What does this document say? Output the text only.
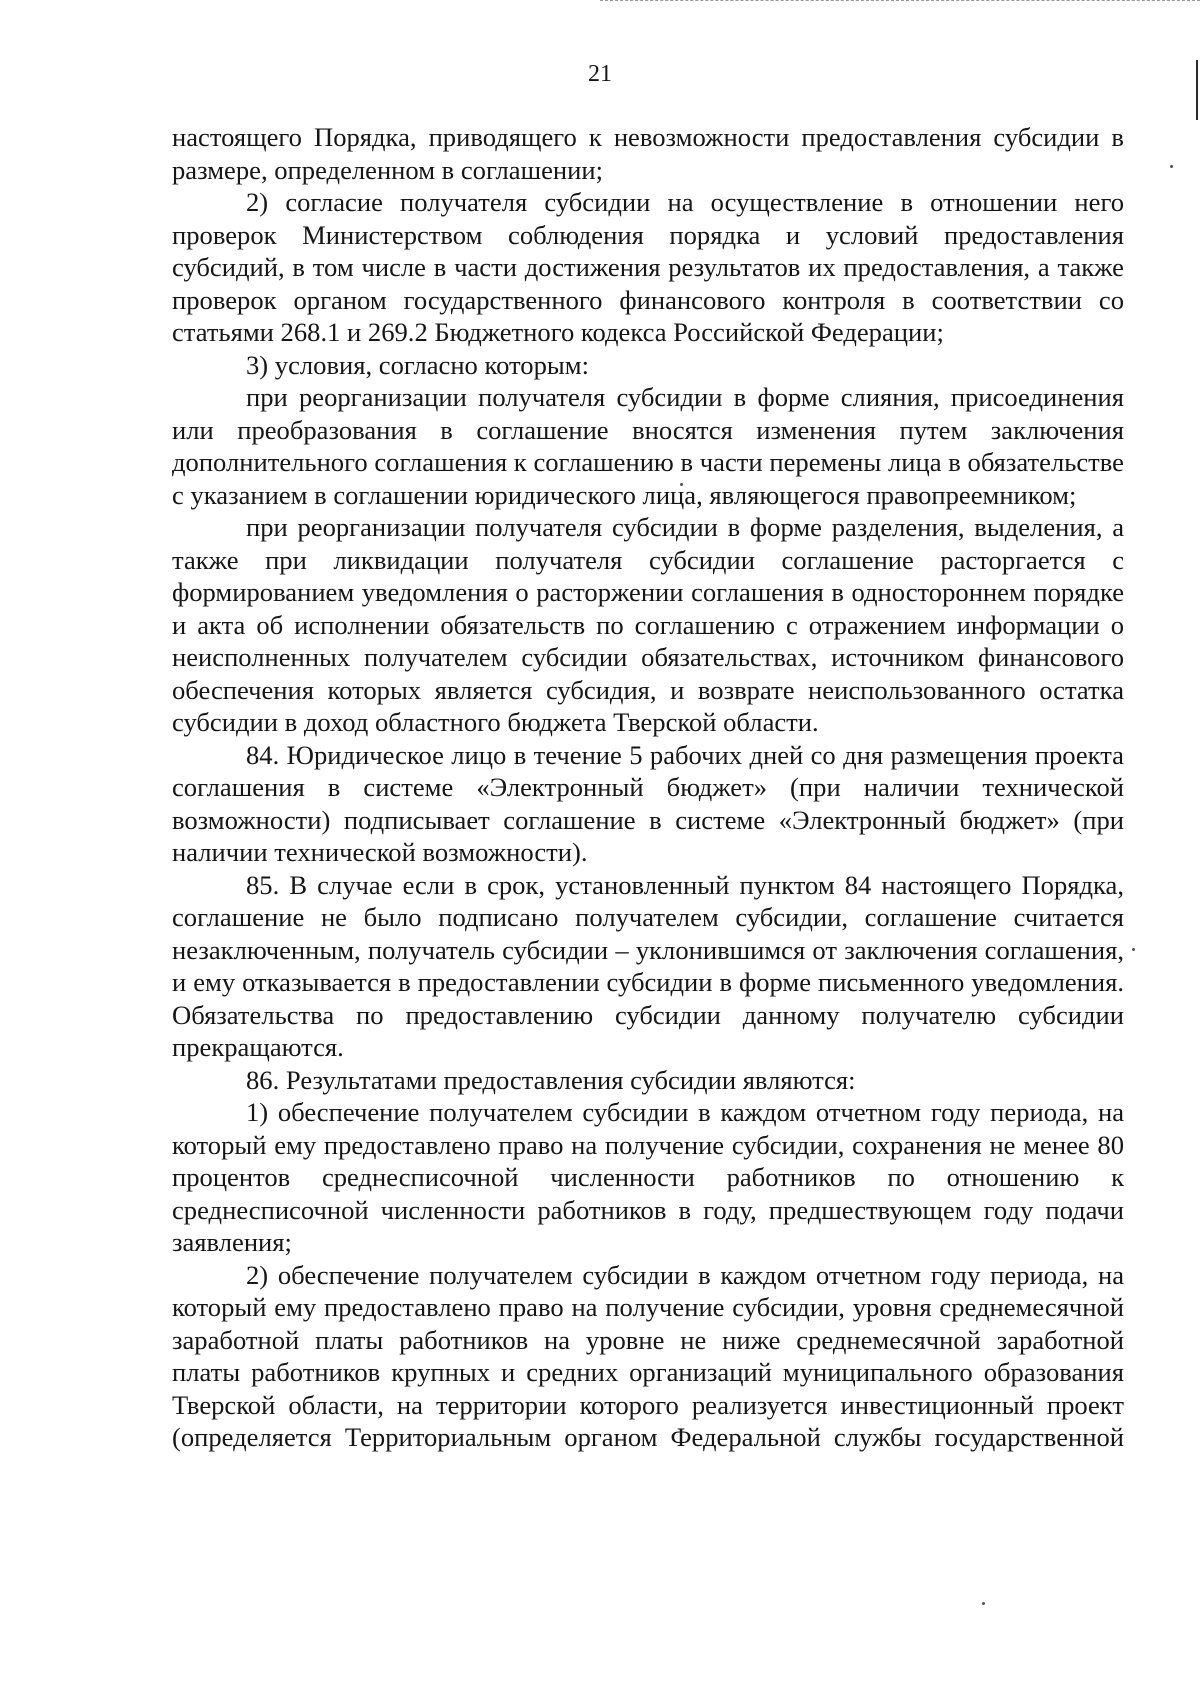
21

настоящего Порядка, приводящего к невозможности предоставления субсидии в размере, определенном в соглашении;

2) согласие получателя субсидии на осуществление в отношении него проверок Министерством соблюдения порядка и условий предоставления субсидий, в том числе в части достижения результатов их предоставления, а также проверок органом государственного финансового контроля в соответствии со статьями 268.1 и 269.2 Бюджетного кодекса Российской Федерации;

3) условия, согласно которым:

при реорганизации получателя субсидии в форме слияния, присоединения или преобразования в соглашение вносятся изменения путем заключения дополнительного соглашения к соглашению в части перемены лица в обязательстве с указанием в соглашении юридического лица, являющегося правопреемником;

при реорганизации получателя субсидии в форме разделения, выделения, а также при ликвидации получателя субсидии соглашение расторгается с формированием уведомления о расторжении соглашения в одностороннем порядке и акта об исполнении обязательств по соглашению с отражением информации о неисполненных получателем субсидии обязательствах, источником финансового обеспечения которых является субсидия, и возврате неиспользованного остатка субсидии в доход областного бюджета Тверской области.

84. Юридическое лицо в течение 5 рабочих дней со дня размещения проекта соглашения в системе «Электронный бюджет» (при наличии технической возможности) подписывает соглашение в системе «Электронный бюджет» (при наличии технической возможности).

85. В случае если в срок, установленный пунктом 84 настоящего Порядка, соглашение не было подписано получателем субсидии, соглашение считается незаключенным, получатель субсидии – уклонившимся от заключения соглашения, и ему отказывается в предоставлении субсидии в форме письменного уведомления. Обязательства по предоставлению субсидии данному получателю субсидии прекращаются.

86. Результатами предоставления субсидии являются:

1) обеспечение получателем субсидии в каждом отчетном году периода, на который ему предоставлено право на получение субсидии, сохранения не менее 80 процентов среднесписочной численности работников по отношению к среднесписочной численности работников в году, предшествующем году подачи заявления;

2) обеспечение получателем субсидии в каждом отчетном году периода, на который ему предоставлено право на получение субсидии, уровня среднемесячной заработной платы работников на уровне не ниже среднемесячной заработной платы работников крупных и средних организаций муниципального образования Тверской области, на территории которого реализуется инвестиционный проект (определяется Территориальным органом Федеральной службы государственной
